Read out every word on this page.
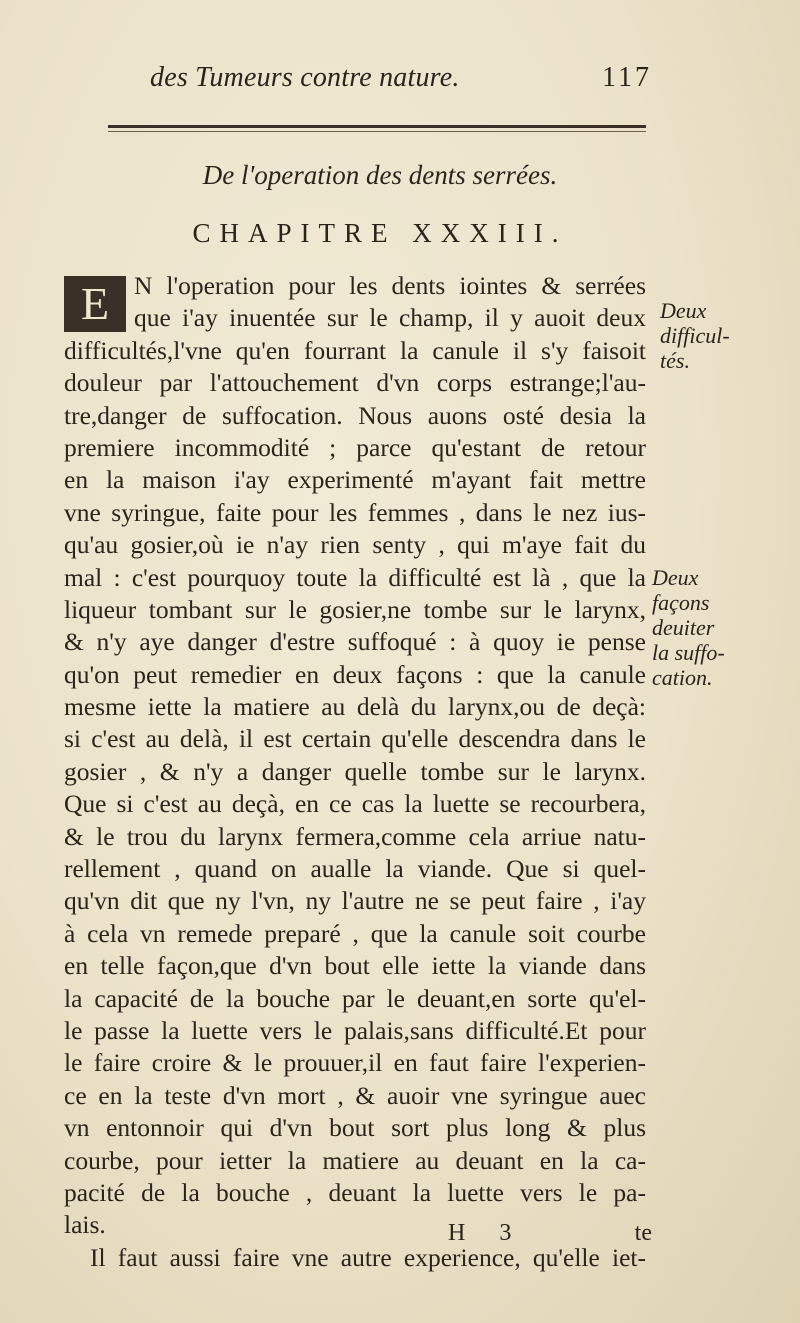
des Tumeurs contre nature.	117
De l'operation des dents serrées.
CHAPITRE XXXIII.
E N l'operation pour les dents iointes & serrées
que i'ay inuentée sur le champ, il y auoit deux
difficultés,l'vne qu'en fourrant la canule il s'y faisoit
douleur par l'attouchement d'vn corps estrange;l'au-
tre,danger de suffocation. Nous auons osté desia la
premiere incommodité ; parce qu'estant de retour
en la maison i'ay experimenté m'ayant fait mettre
vne syringue, faite pour les femmes , dans le nez ius-
qu'au gosier,où ie n'ay rien senty , qui m'aye fait du
mal : c'est pourquoy toute la difficulté est là , que la
liqueur tombant sur le gosier,ne tombe sur le larynx,
& n'y aye danger d'estre suffoqué : à quoy ie pense
qu'on peut remedier en deux façons : que la canule
mesme iette la matiere au delà du larynx,ou de deçà:
si c'est au delà, il est certain qu'elle descendra dans le
gosier , & n'y a danger quelle tombe sur le larynx.
Que si c'est au deçà, en ce cas la luette se recourbera,
& le trou du larynx fermera,comme cela arriue natu-
rellement , quand on aualle la viande. Que si quel-
qu'vn dit que ny l'vn, ny l'autre ne se peut faire , i'ay
à cela vn remede preparé , que la canule soit courbe
en telle façon,que d'vn bout elle iette la viande dans
la capacité de la bouche par le deuant,en sorte qu'el-
le passe la luette vers le palais,sans difficulté.Et pour
le faire croire & le prouuer,il en faut faire l'experien-
ce en la teste d'vn mort , & auoir vne syringue auec
vn entonnoir qui d'vn bout sort plus long & plus
courbe, pour ietter la matiere au deuant en la ca-
pacité de la bouche , deuant la luette vers le pa-
lais.
Il faut aussi faire vne autre experience, qu'elle iet-
Deux
difficul-
tés.
Deux
façons
deuiter
la suffo-
cation.
H 3	te
